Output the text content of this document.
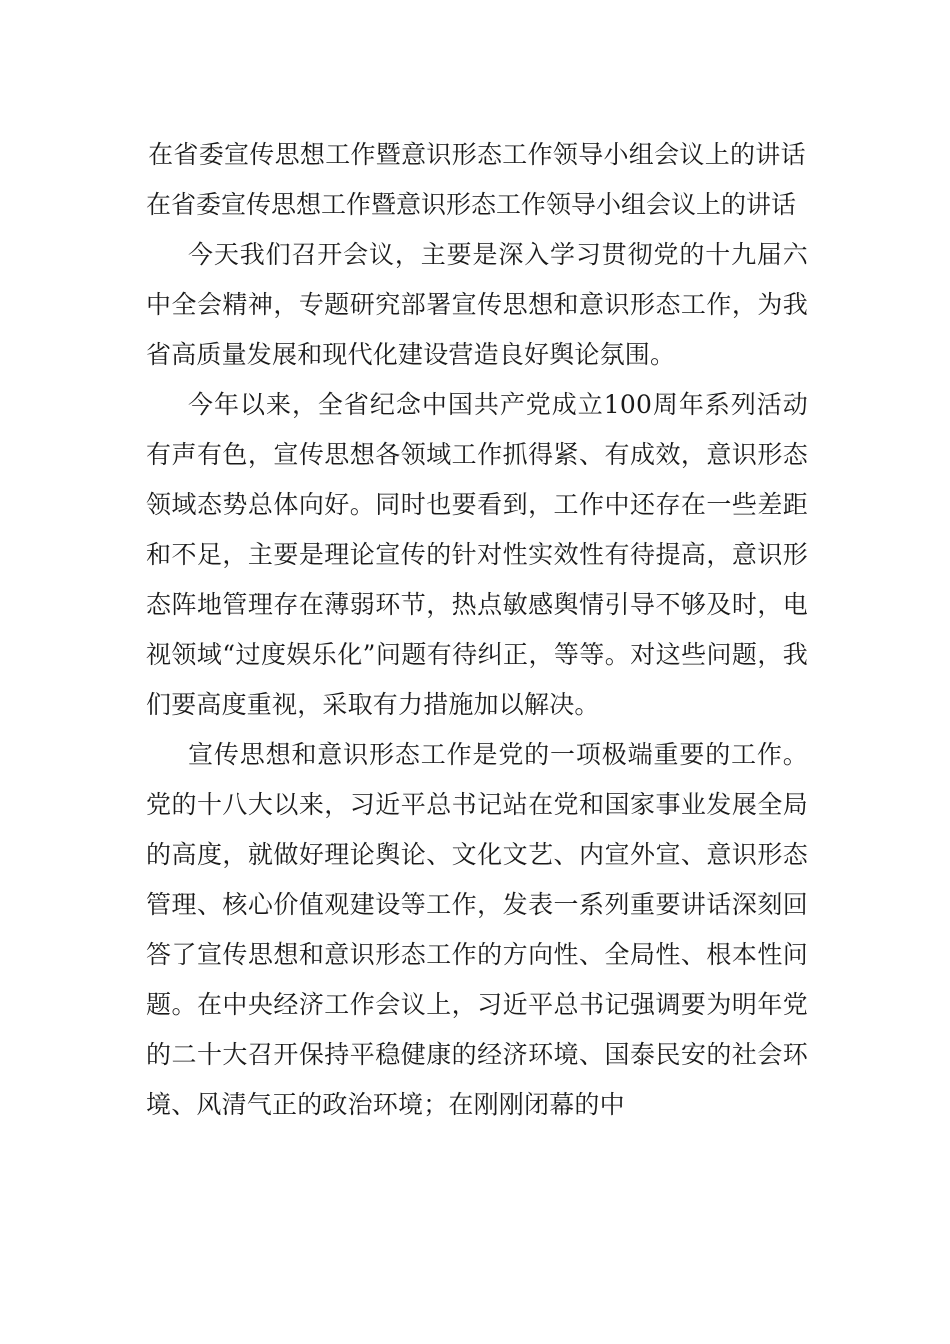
在省委宣传思想工作暨意识形态工作领导小组会议上的讲话

在省委宣传思想工作暨意识形态工作领导小组会议上的讲话

今天我们召开会议，主要是深入学习贯彻党的十九届六中全会精神，专题研究部署宣传思想和意识形态工作，为我省高质量发展和现代化建设营造良好舆论氛围。

今年以来，全省纪念中国共产党成立100周年系列活动有声有色，宣传思想各领域工作抓得紧、有成效，意识形态领域态势总体向好。同时也要看到，工作中还存在一些差距和不足，主要是理论宣传的针对性实效性有待提高，意识形态阵地管理存在薄弱环节，热点敏感舆情引导不够及时，电视领域“过度娱乐化”问题有待纠正，等等。对这些问题，我们要高度重视，采取有力措施加以解决。

宣传思想和意识形态工作是党的一项极端重要的工作。党的十八大以来，习近平总书记站在党和国家事业发展全局的高度，就做好理论舆论、文化文艺、内宣外宣、意识形态管理、核心价值观建设等工作，发表一系列重要讲话深刻回答了宣传思想和意识形态工作的方向性、全局性、根本性问题。在中央经济工作会议上，习近平总书记强调要为明年党的二十大召开保持平稳健康的经济环境、国泰民安的社会环境、风清气正的政治环境；在刚刚闭幕的中
